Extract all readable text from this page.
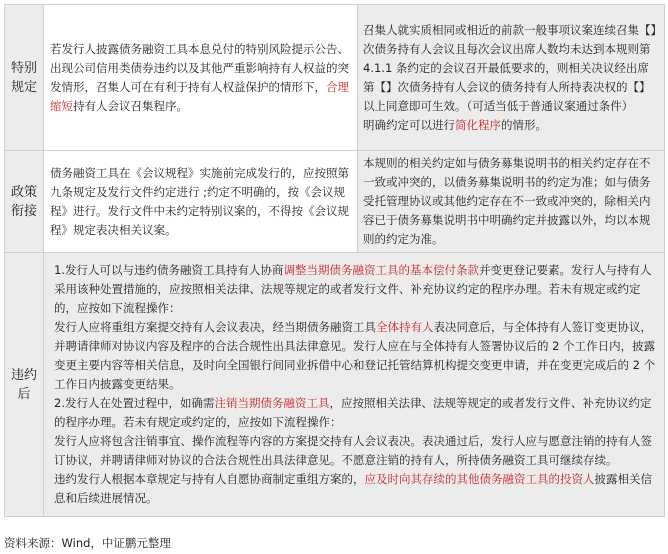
特别规定	若发行人披露债务融资工具本息兑付的特别风险提示公告、出现公司信用类债券违约以及其他严重影响持有人权益的突发情形，召集人可在有利于持有人权益保护的情形下，合理缩短持有人会议召集程序。	召集人就实质相同或相近的前款一般事项议案连续召集【】次债务持有人会议且每次会议出席人数均未达到本规则第 4.1.1 条约定的会议召开最低要求的，则相关决议经出席第【】次债务持有人会议的债务持有人所持表决权的【】 以上同意即可生效。（可适当低于普通议案通过条件）

明确约定可以进行简化程序的情形。

政策衔接	债务融资工具在《会议规程》实施前完成发行的，应按照第九条规定及发行文件约定进行 ;约定不明确的，按《会议规程》进行。发行文件中未约定特别议案的，不得按《会议规程》规定表决相关议案。	本规则的相关约定如与债务募集说明书的相关约定存在不一致或冲突的，以债务募集说明书的约定为准；如与债务受托管理协议或其他约定存在不一致或冲突的，除相关内容已于债务募集说明书中明确约定并披露以外，均以本规则的约定为准。

违约后	1.发行人可以与违约债务融资工具持有人协商调整当期债务融资工具的基本偿付条款并变更登记要素。发行人与持有人采用该种处置措施的，应按照相关法律、法规等规定的或者发行文件、补充协议约定的程序办理。若未有规定或约定的，应按如下流程操作：

发行人应将重组方案提交持有人会议表决，经当期债务融资工具全体持有人表决同意后，与全体持有人签订变更协议，并聘请律师对协议内容及程序的合法合规性出具法律意见。发行人应在与全体持有人签署协议后的 2 个工作日内，披露变更主要内容等相关信息，及时向全国银行间同业拆借中心和登记托管结算机构提交变更申请，并在变更完成后的 2 个工作日内披露变更结果。

2.发行人在处置过程中，如确需注销当期债务融资工具，应按照相关法律、法规等规定的或者发行文件、补充协议约定的程序办理。若未有规定或约定的，应按如下流程操作：

发行人应将包含注销事宜、操作流程等内容的方案提交持有人会议表决。表决通过后，发行人应与愿意注销的持有人签订协议，并聘请律师对协议的合法合规性出具法律意见。不愿意注销的持有人，所持债务融资工具可继续存续。

违约发行人根据本章规定与持有人自愿协商制定重组方案的，应及时向其存续的其他债务融资工具的投资人披露相关信息和后续进展情况。	

资料来源：Wind，中证鹏元整理
